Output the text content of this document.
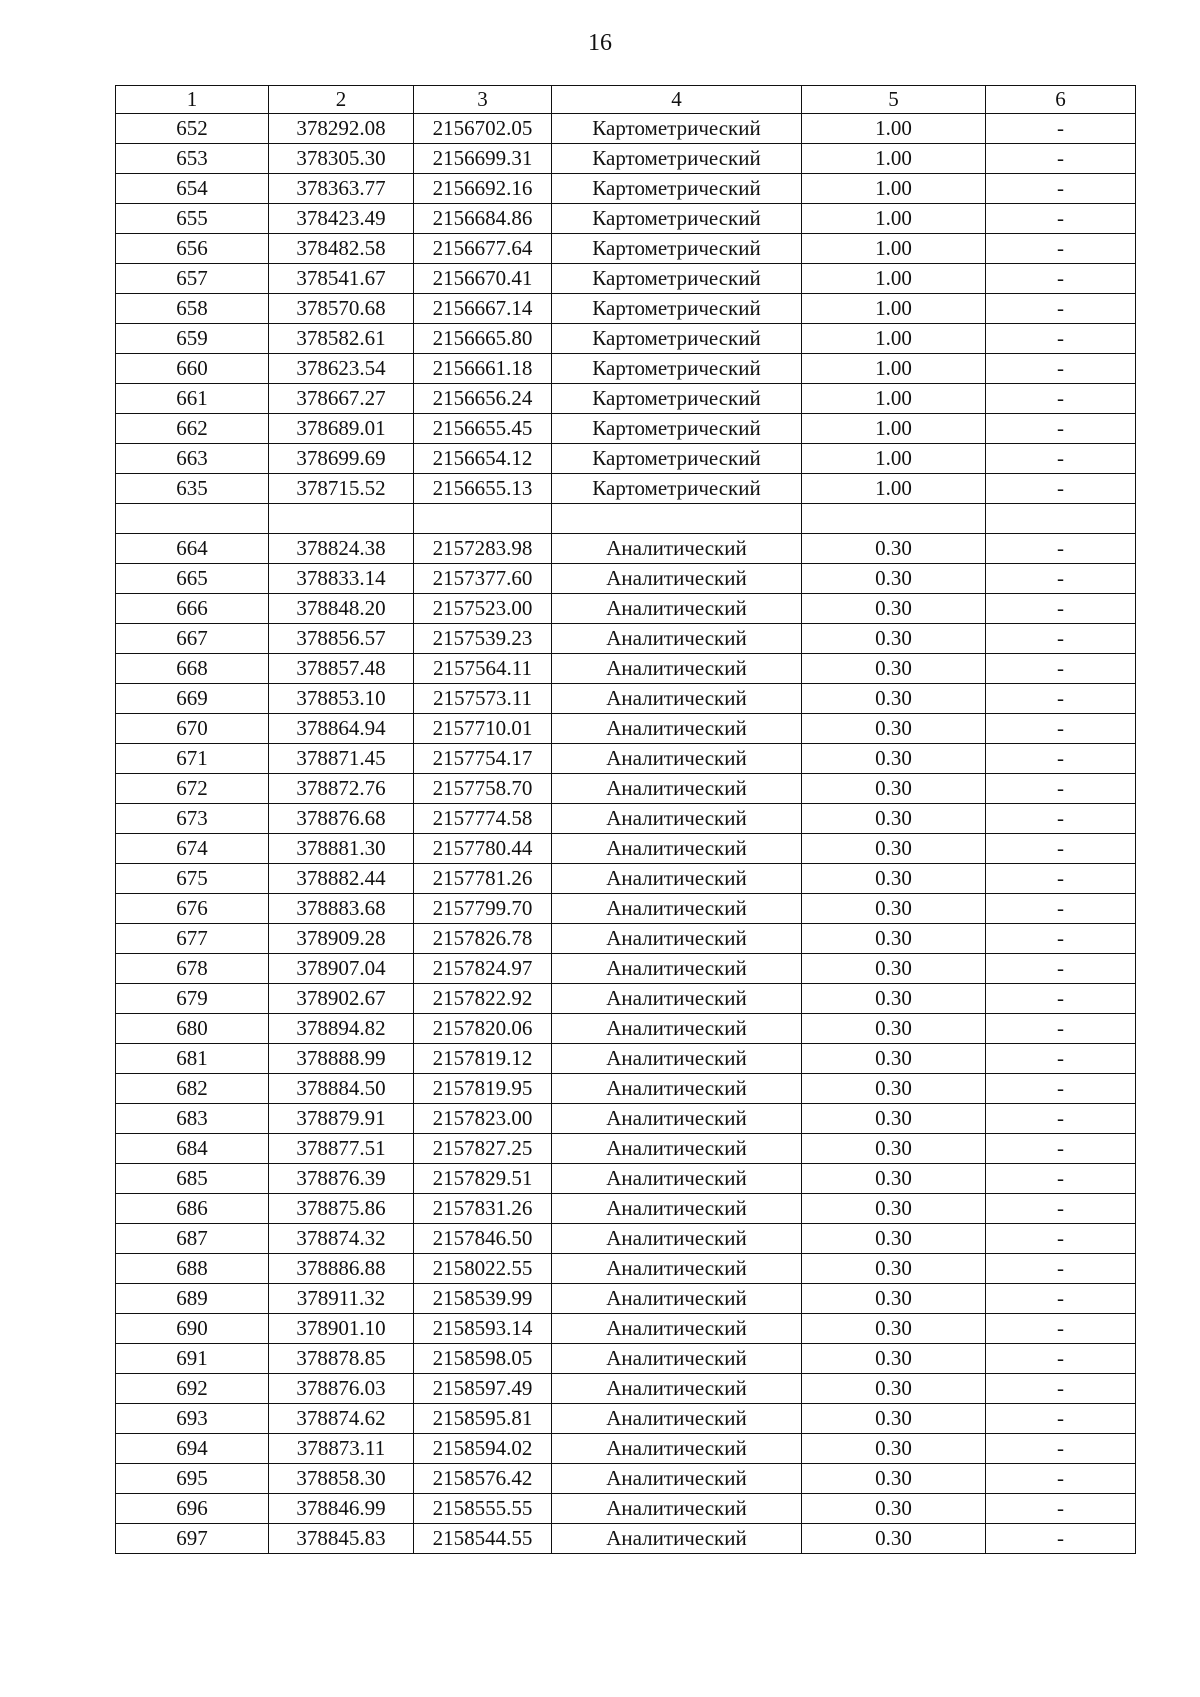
16
1	2	3	4	5	6
652	378292.08	2156702.05	Картометрический	1.00	-
653	378305.30	2156699.31	Картометрический	1.00	-
654	378363.77	2156692.16	Картометрический	1.00	-
655	378423.49	2156684.86	Картометрический	1.00	-
656	378482.58	2156677.64	Картометрический	1.00	-
657	378541.67	2156670.41	Картометрический	1.00	-
658	378570.68	2156667.14	Картометрический	1.00	-
659	378582.61	2156665.80	Картометрический	1.00	-
660	378623.54	2156661.18	Картометрический	1.00	-
661	378667.27	2156656.24	Картометрический	1.00	-
662	378689.01	2156655.45	Картометрический	1.00	-
663	378699.69	2156654.12	Картометрический	1.00	-
635	378715.52	2156655.13	Картометрический	1.00	-

664	378824.38	2157283.98	Аналитический	0.30	-
665	378833.14	2157377.60	Аналитический	0.30	-
666	378848.20	2157523.00	Аналитический	0.30	-
667	378856.57	2157539.23	Аналитический	0.30	-
668	378857.48	2157564.11	Аналитический	0.30	-
669	378853.10	2157573.11	Аналитический	0.30	-
670	378864.94	2157710.01	Аналитический	0.30	-
671	378871.45	2157754.17	Аналитический	0.30	-
672	378872.76	2157758.70	Аналитический	0.30	-
673	378876.68	2157774.58	Аналитический	0.30	-
674	378881.30	2157780.44	Аналитический	0.30	-
675	378882.44	2157781.26	Аналитический	0.30	-
676	378883.68	2157799.70	Аналитический	0.30	-
677	378909.28	2157826.78	Аналитический	0.30	-
678	378907.04	2157824.97	Аналитический	0.30	-
679	378902.67	2157822.92	Аналитический	0.30	-
680	378894.82	2157820.06	Аналитический	0.30	-
681	378888.99	2157819.12	Аналитический	0.30	-
682	378884.50	2157819.95	Аналитический	0.30	-
683	378879.91	2157823.00	Аналитический	0.30	-
684	378877.51	2157827.25	Аналитический	0.30	-
685	378876.39	2157829.51	Аналитический	0.30	-
686	378875.86	2157831.26	Аналитический	0.30	-
687	378874.32	2157846.50	Аналитический	0.30	-
688	378886.88	2158022.55	Аналитический	0.30	-
689	378911.32	2158539.99	Аналитический	0.30	-
690	378901.10	2158593.14	Аналитический	0.30	-
691	378878.85	2158598.05	Аналитический	0.30	-
692	378876.03	2158597.49	Аналитический	0.30	-
693	378874.62	2158595.81	Аналитический	0.30	-
694	378873.11	2158594.02	Аналитический	0.30	-
695	378858.30	2158576.42	Аналитический	0.30	-
696	378846.99	2158555.55	Аналитический	0.30	-
697	378845.83	2158544.55	Аналитический	0.30	-
